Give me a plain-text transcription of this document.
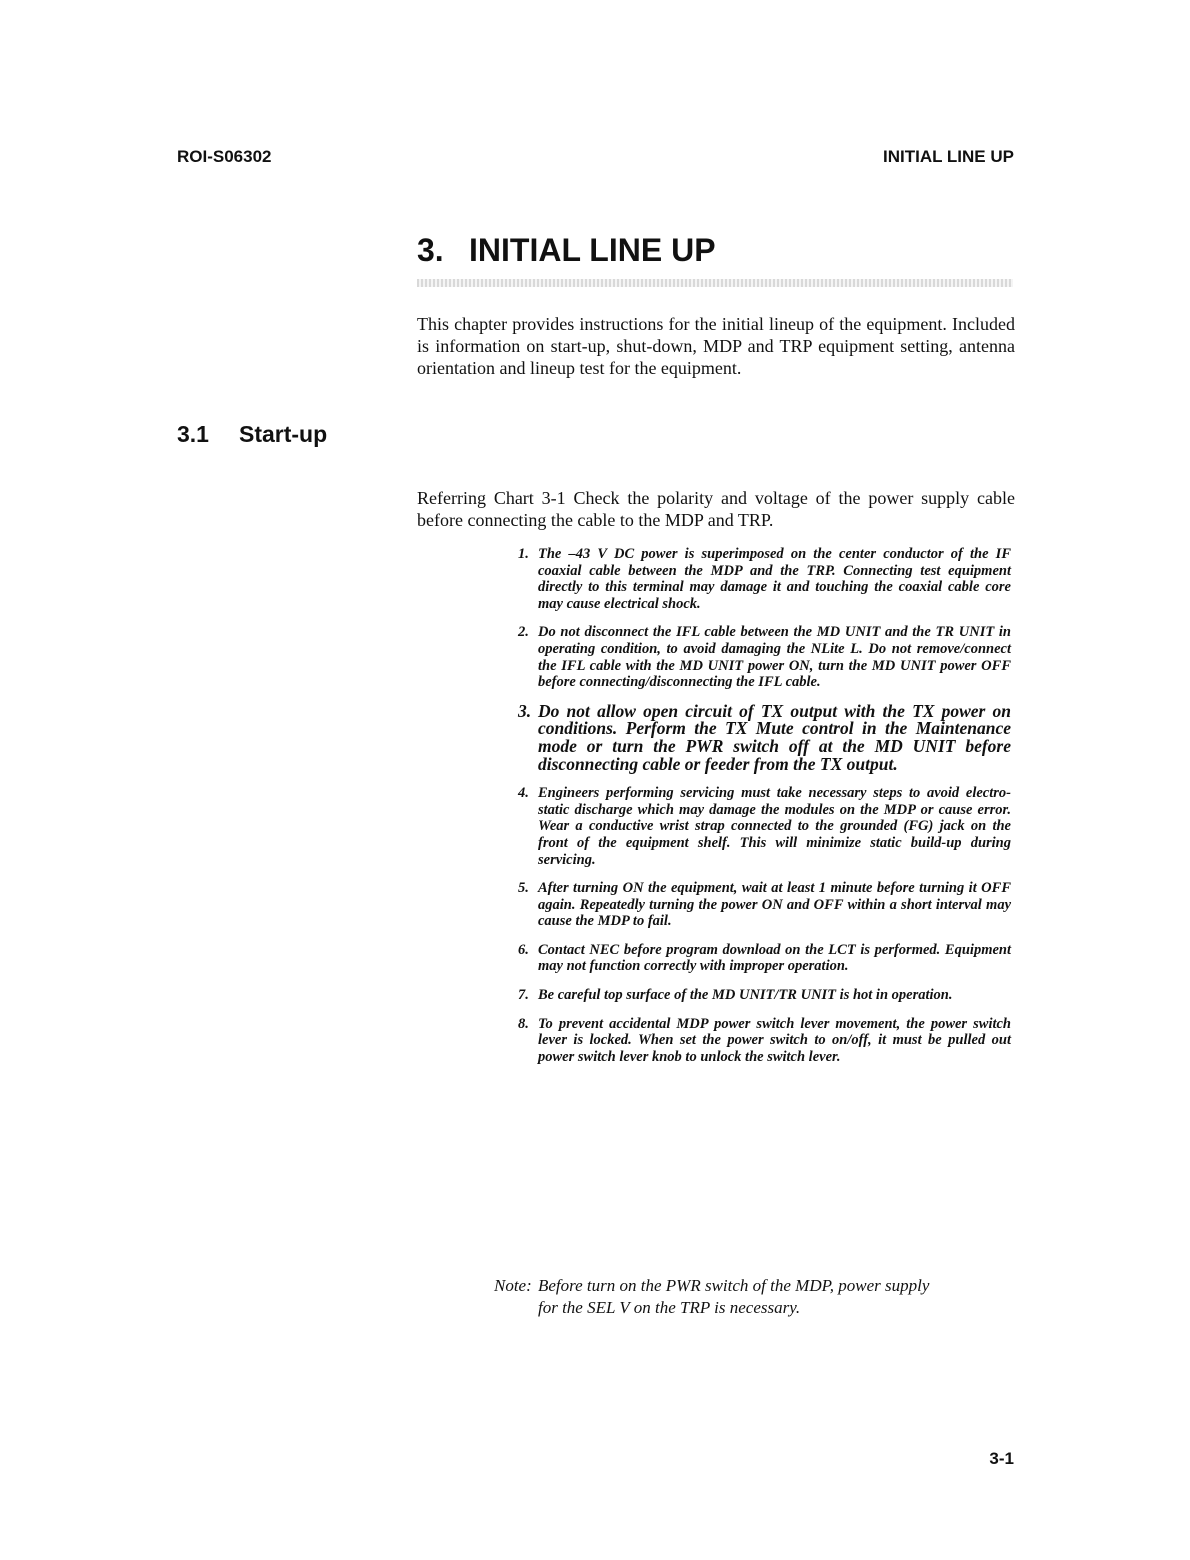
ROI-S06302	INITIAL LINE UP
3. INITIAL LINE UP

This chapter provides instructions for the initial lineup of the equipment. Included is information on start-up, shut-down, MDP and TRP equipment setting, antenna orientation and lineup test for the equipment.

3.1 Start-up

Referring Chart 3-1 Check the polarity and voltage of the power supply cable before connecting the cable to the MDP and TRP.

1. The –43 V DC power is superimposed on the center conductor of the IF coaxial cable between the MDP and the TRP. Connecting test equipment directly to this terminal may damage it and touching the coaxial cable core may cause electrical shock.
2. Do not disconnect the IFL cable between the MD UNIT and the TR UNIT in operating condition, to avoid damaging the NLite L. Do not remove/connect the IFL cable with the MD UNIT power ON, turn the MD UNIT power OFF before connecting/disconnecting the IFL cable.
3. Do not allow open circuit of TX output with the TX power on conditions. Perform the TX Mute control in the Maintenance mode or turn the PWR switch off at the MD UNIT before disconnecting cable or feeder from the TX output.
4. Engineers performing servicing must take necessary steps to avoid electro-static discharge which may damage the modules on the MDP or cause error. Wear a conductive wrist strap connected to the grounded (FG) jack on the front of the equipment shelf. This will minimize static build-up during servicing.
5. After turning ON the equipment, wait at least 1 minute before turning it OFF again. Repeatedly turning the power ON and OFF within a short interval may cause the MDP to fail.
6. Contact NEC before program download on the LCT is performed. Equipment may not function correctly with improper operation.
7. Be careful top surface of the MD UNIT/TR UNIT is hot in operation.
8. To prevent accidental MDP power switch lever movement, the power switch lever is locked. When set the power switch to on/off, it must be pulled out power switch lever knob to unlock the switch lever.

Note: Before turn on the PWR switch of the MDP, power supply
for the SEL V on the TRP is necessary.

3-1
